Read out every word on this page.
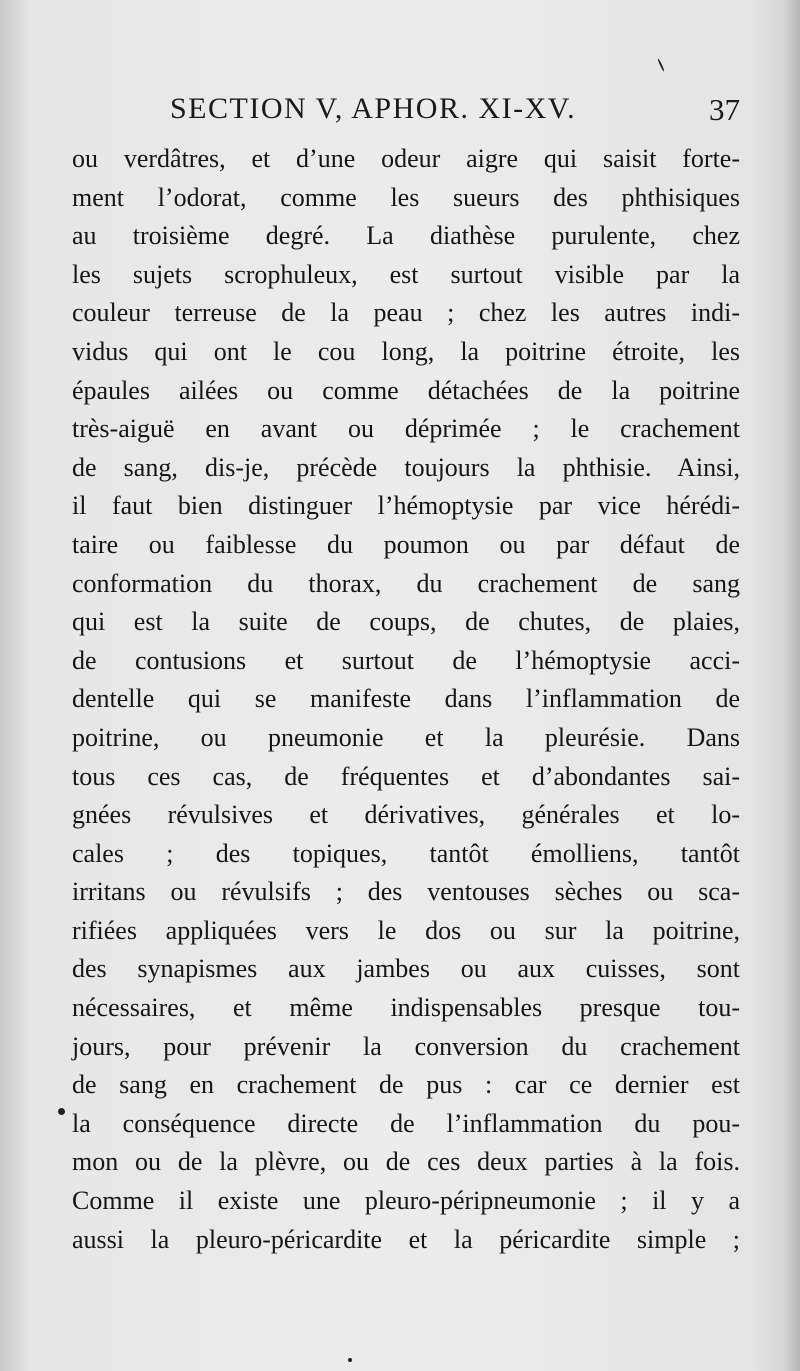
SECTION V, APHOR. XI-XV.	37
ou verdâtres, et d’une odeur aigre qui saisit forte-
ment l’odorat, comme les sueurs des phthisiques
au troisième degré. La diathèse purulente, chez
les sujets scrophuleux, est surtout visible par la
couleur terreuse de la peau ; chez les autres indi-
vidus qui ont le cou long, la poitrine étroite, les
épaules ailées ou comme détachées de la poitrine
très-aiguë en avant ou déprimée ; le crachement
de sang, dis-je, précède toujours la phthisie. Ainsi,
il faut bien distinguer l’hémoptysie par vice hérédi-
taire ou faiblesse du poumon ou par défaut de
conformation du thorax, du crachement de sang
qui est la suite de coups, de chutes, de plaies,
de contusions et surtout de l’hémoptysie acci-
dentelle qui se manifeste dans l’inflammation de
poitrine, ou pneumonie et la pleurésie. Dans
tous ces cas, de fréquentes et d’abondantes sai-
gnées révulsives et dérivatives, générales et lo-
cales ; des topiques, tantôt émolliens, tantôt
irritans ou révulsifs ; des ventouses sèches ou sca-
rifiées appliquées vers le dos ou sur la poitrine,
des synapismes aux jambes ou aux cuisses, sont
nécessaires, et même indispensables presque tou-
jours, pour prévenir la conversion du crachement
de sang en crachement de pus : car ce dernier est
la conséquence directe de l’inflammation du pou-
mon ou de la plèvre, ou de ces deux parties à la fois.
Comme il existe une pleuro-péripneumonie ; il y a
aussi la pleuro-péricardite et la péricardite simple ;
